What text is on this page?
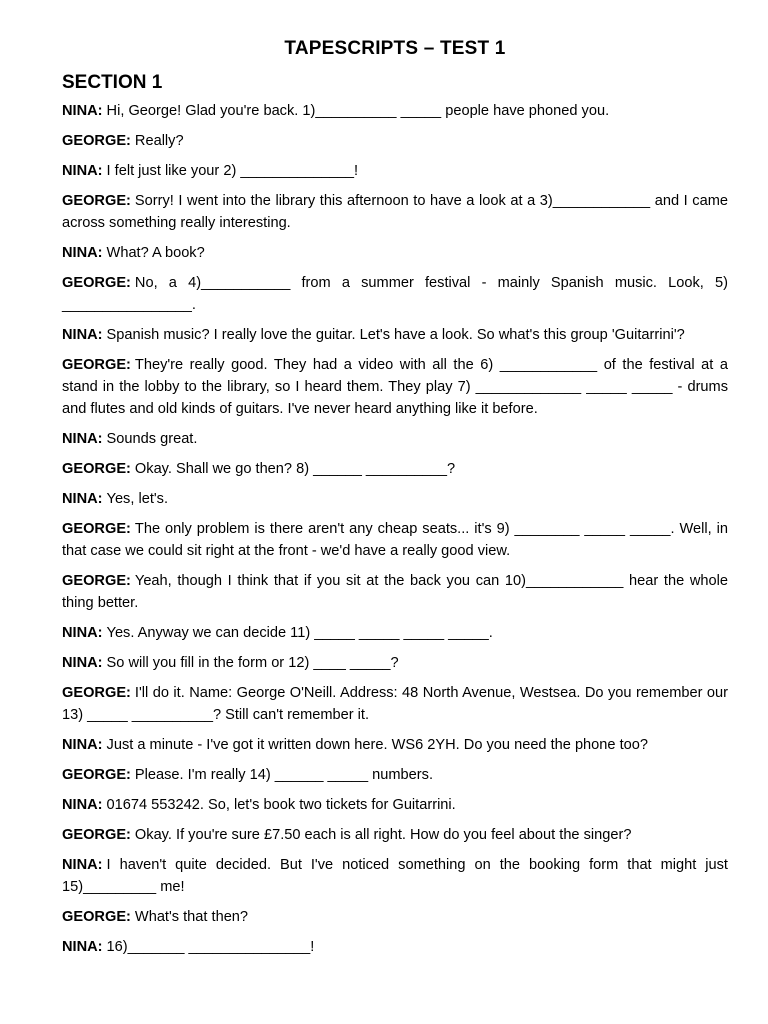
TAPESCRIPTS – TEST 1
SECTION 1
NINA: Hi, George! Glad you're back. 1)__________ _____ people have phoned you.
GEORGE: Really?
NINA: I felt just like your 2) ______________!
GEORGE: Sorry! I went into the library this afternoon to have a look at a 3)____________ and I came across something really interesting.
NINA: What? A book?
GEORGE: No, a 4)___________ from a summer festival - mainly Spanish music. Look, 5) ________________.
NINA: Spanish music? I really love the guitar. Let's have a look. So what's this group 'Guitarrini'?
GEORGE: They're really good. They had a video with all the 6) ____________ of the festival at a stand in the lobby to the library, so I heard them. They play 7) _____________ _____ _____ - drums and flutes and old kinds of guitars. I've never heard anything like it before.
NINA: Sounds great.
GEORGE: Okay. Shall we go then? 8) ______ __________?
NINA: Yes, let's.
GEORGE: The only problem is there aren't any cheap seats... it's 9) ________ _____ _____. Well, in that case we could sit right at the front - we'd have a really good view.
GEORGE: Yeah, though I think that if you sit at the back you can 10)____________ hear the whole thing better.
NINA: Yes. Anyway we can decide 11) _____ _____ _____ _____.
NINA: So will you fill in the form or 12) ____ _____?
GEORGE: I'll do it. Name: George O'Neill. Address: 48 North Avenue, Westsea. Do you remember our 13) _____ __________? Still can't remember it.
NINA: Just a minute - I've got it written down here. WS6 2YH. Do you need the phone too?
GEORGE: Please. I'm really 14) ______ _____ numbers.
NINA: 01674 553242. So, let's book two tickets for Guitarrini.
GEORGE: Okay. If you're sure £7.50 each is all right. How do you feel about the singer?
NINA: I haven't quite decided. But I've noticed something on the booking form that might just 15)_________ me!
GEORGE: What's that then?
NINA: 16)_______ _______________!
